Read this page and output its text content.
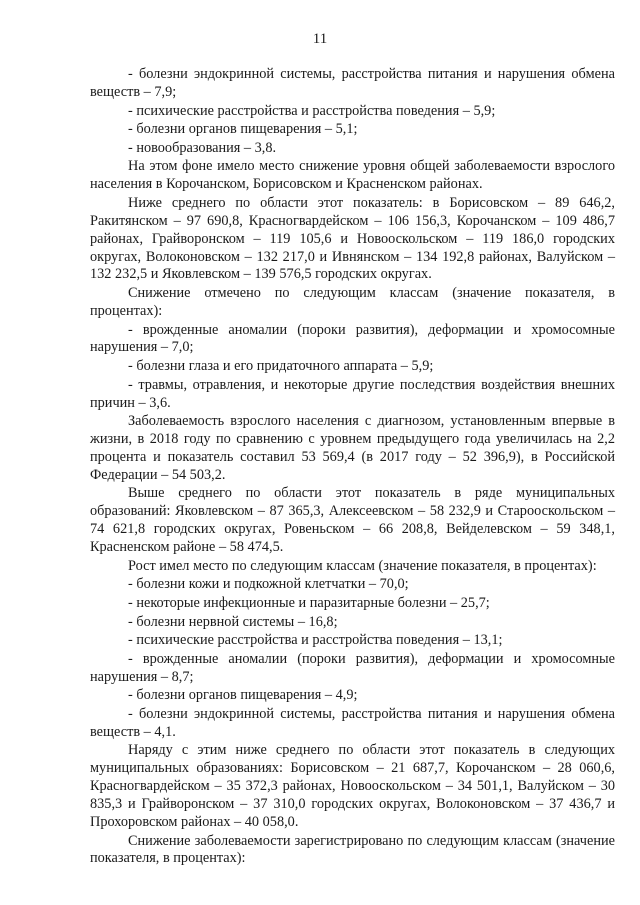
11

- болезни эндокринной системы, расстройства питания и нарушения обмена веществ – 7,9;

- психические расстройства и расстройства поведения – 5,9;

- болезни органов пищеварения – 5,1;

- новообразования – 3,8.

На этом фоне имело место снижение уровня общей заболеваемости взрослого населения в Корочанском, Борисовском и Красненском районах.

Ниже среднего по области этот показатель: в Борисовском – 89 646,2, Ракитянском – 97 690,8, Красногвардейском – 106 156,3, Корочанском – 109 486,7 районах, Грайворонском – 119 105,6 и Новооскольском – 119 186,0 городских округах, Волоконовском – 132 217,0 и Ивнянском – 134 192,8 районах, Валуйском – 132 232,5 и Яковлевском – 139 576,5 городских округах.

Снижение отмечено по следующим классам (значение показателя, в процентах):

- врожденные аномалии (пороки развития), деформации и хромосомные нарушения – 7,0;

- болезни глаза и его придаточного аппарата – 5,9;

- травмы, отравления, и некоторые другие последствия воздействия внешних причин – 3,6.

Заболеваемость взрослого населения с диагнозом, установленным впервые в жизни, в 2018 году по сравнению с уровнем предыдущего года увеличилась на 2,2 процента и показатель составил 53 569,4 (в 2017 году – 52 396,9), в Российской Федерации – 54 503,2.

Выше среднего по области этот показатель в ряде муниципальных образований: Яковлевском – 87 365,3, Алексеевском – 58 232,9 и Старооскольском – 74 621,8 городских округах, Ровеньском – 66 208,8, Вейделевском – 59 348,1, Красненском районе – 58 474,5.

Рост имел место по следующим классам (значение показателя, в процентах):

- болезни кожи и подкожной клетчатки – 70,0;

- некоторые инфекционные и паразитарные болезни – 25,7;

- болезни нервной системы – 16,8;

- психические расстройства и расстройства поведения – 13,1;

- врожденные аномалии (пороки развития), деформации и хромосомные нарушения – 8,7;

- болезни органов пищеварения – 4,9;

- болезни эндокринной системы, расстройства питания и нарушения обмена веществ – 4,1.

Наряду с этим ниже среднего по области этот показатель в следующих муниципальных образованиях: Борисовском – 21 687,7, Корочанском – 28 060,6, Красногвардейском – 35 372,3 районах, Новооскольском – 34 501,1, Валуйском – 30 835,3 и Грайворонском – 37 310,0 городских округах, Волоконовском – 37 436,7 и Прохоровском районах – 40 058,0.

Снижение заболеваемости зарегистрировано по следующим классам (значение показателя, в процентах):
